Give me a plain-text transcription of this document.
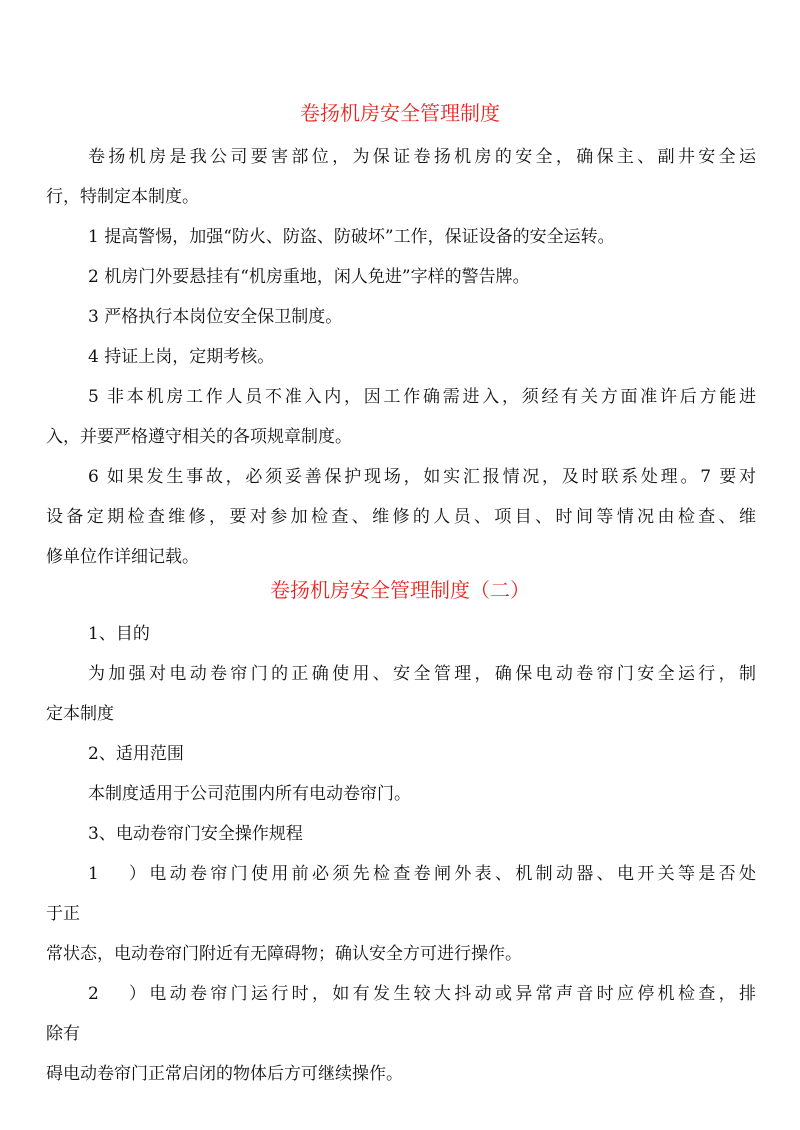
卷扬机房安全管理制度
卷扬机房是我公司要害部位，为保证卷扬机房的安全，确保主、副井安全运
行，特制定本制度。
1 提高警惕，加强“防火、防盗、防破坏”工作，保证设备的安全运转。
2 机房门外要悬挂有“机房重地，闲人免进”字样的警告牌。
3 严格执行本岗位安全保卫制度。
4 持证上岗，定期考核。
5 非本机房工作人员不准入内，因工作确需进入，须经有关方面准许后方能进
入，并要严格遵守相关的各项规章制度。
6 如果发生事故，必须妥善保护现场，如实汇报情况，及时联系处理。7 要对
设备定期检查维修，要对参加检查、维修的人员、项目、时间等情况由检查、维
修单位作详细记载。
卷扬机房安全管理制度（二）
1、目的
为加强对电动卷帘门的正确使用、安全管理，确保电动卷帘门安全运行，制
定本制度
2、适用范围
本制度适用于公司范围内所有电动卷帘门。
3、电动卷帘门安全操作规程
1）电动卷帘门使用前必须先检查卷闸外表、机制动器、电开关等是否处
于正
常状态，电动卷帘门附近有无障碍物；确认安全方可进行操作。
2）电动卷帘门运行时，如有发生较大抖动或异常声音时应停机检查，排
除有
碍电动卷帘门正常启闭的物体后方可继续操作。
